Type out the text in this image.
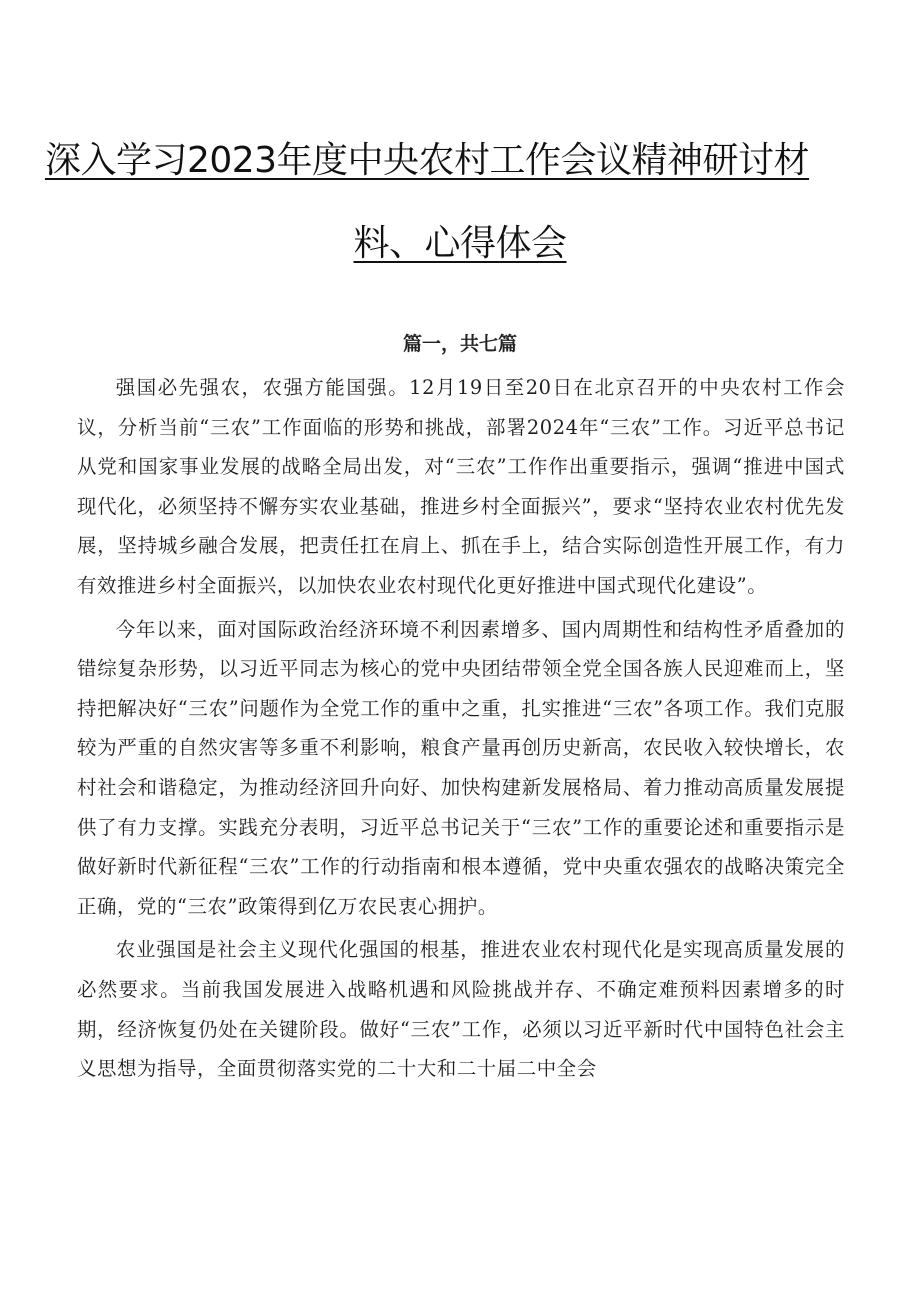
深入学习2023年度中央农村工作会议精神研讨材
料、心得体会
篇一，共七篇

强国必先强农，农强方能国强。12月19日至20日在北京召开的中央农村工作会议，分析当前“三农”工作面临的形势和挑战，部署2024年“三农”工作。习近平总书记从党和国家事业发展的战略全局出发，对“三农”工作作出重要指示，强调“推进中国式现代化，必须坚持不懈夯实农业基础，推进乡村全面振兴”，要求“坚持农业农村优先发展，坚持城乡融合发展，把责任扛在肩上、抓在手上，结合实际创造性开展工作，有力有效推进乡村全面振兴，以加快农业农村现代化更好推进中国式现代化建设”。

今年以来，面对国际政治经济环境不利因素增多、国内周期性和结构性矛盾叠加的错综复杂形势，以习近平同志为核心的党中央团结带领全党全国各族人民迎难而上，坚持把解决好“三农”问题作为全党工作的重中之重，扎实推进“三农”各项工作。我们克服较为严重的自然灾害等多重不利影响，粮食产量再创历史新高，农民收入较快增长，农村社会和谐稳定，为推动经济回升向好、加快构建新发展格局、着力推动高质量发展提供了有力支撑。实践充分表明，习近平总书记关于“三农”工作的重要论述和重要指示是做好新时代新征程“三农”工作的行动指南和根本遵循，党中央重农强农的战略决策完全正确，党的“三农”政策得到亿万农民衷心拥护。

农业强国是社会主义现代化强国的根基，推进农业农村现代化是实现高质量发展的必然要求。当前我国发展进入战略机遇和风险挑战并存、不确定难预料因素增多的时期，经济恢复仍处在关键阶段。做好“三农”工作，必须以习近平新时代中国特色社会主义思想为指导，全面贯彻落实党的二十大和二十届二中全会
